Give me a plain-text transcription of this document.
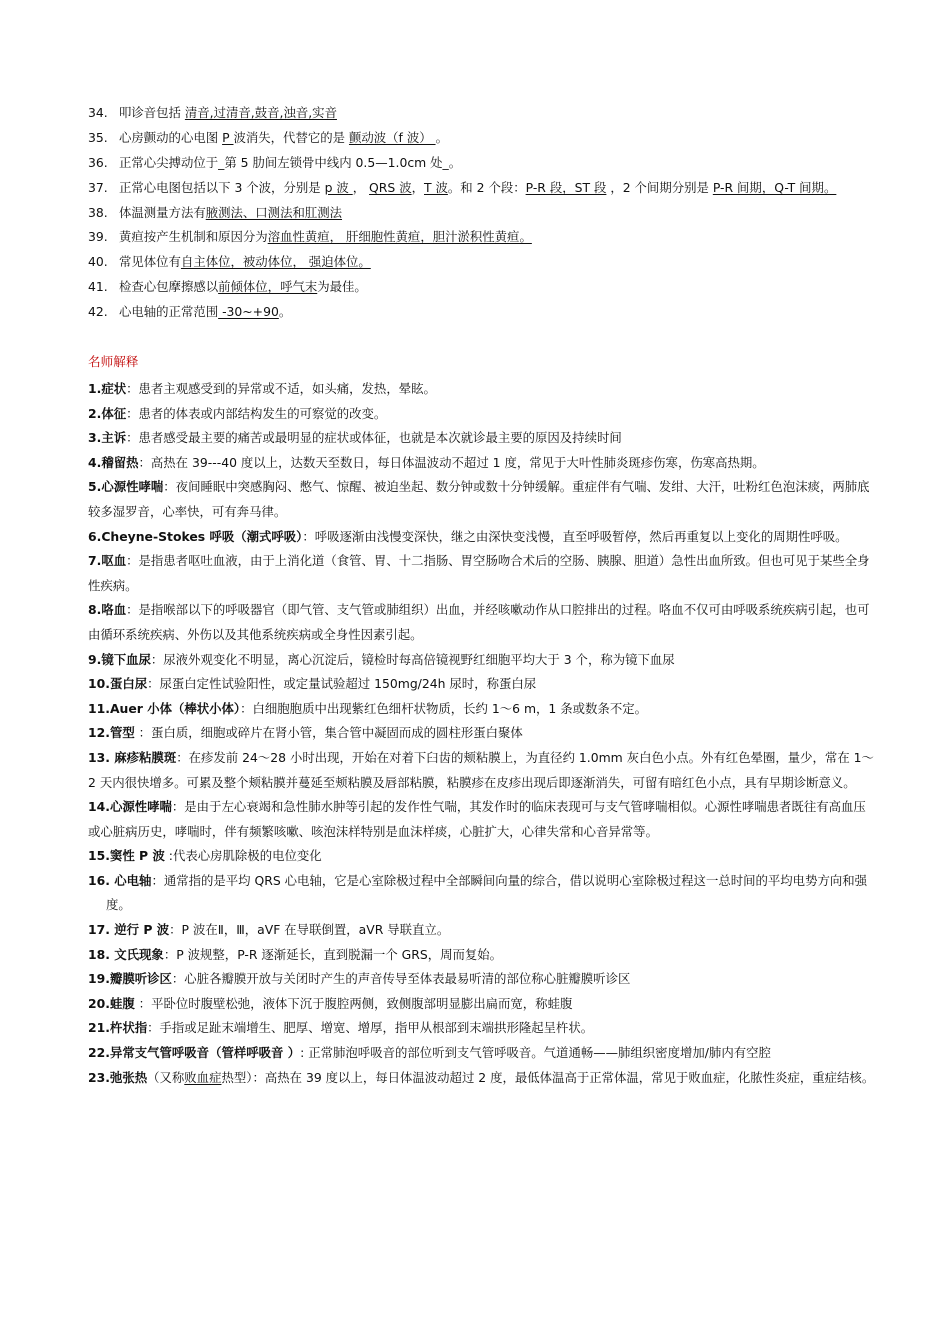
34. 叩诊音包括 清音,过清音,鼓音,浊音,实音
35. 心房颤动的心电图 P 波消失，代替它的是 颤动波（f 波） 。
36. 正常心尖搏动位于_第 5 肋间左锁骨中线内 0.5—1.0cm 处_。
37. 正常心电图包括以下 3 个波，分别是 p 波 ， QRS 波，T 波。和 2 个段：P-R 段，ST 段 ，2 个间期分别是 P-R 间期，Q-T 间期。
38. 体温测量方法有腋测法、口测法和肛测法
39. 黄疸按产生机制和原因分为溶血性黄疸， 肝细胞性黄疸，胆汁淤积性黄疸。
40. 常见体位有自主体位，被动体位， 强迫体位。
41. 检查心包摩擦感以前倾体位，呼气末为最佳。
42. 心电轴的正常范围 -30~+90。
名师解释
1.症状：患者主观感受到的异常或不适，如头痛，发热，晕眩。
2.体征：患者的体表或内部结构发生的可察觉的改变。
3.主诉：患者感受最主要的痛苦或最明显的症状或体征，也就是本次就诊最主要的原因及持续时间
4.稽留热：高热在 39---40 度以上，达数天至数日，每日体温波动不超过 1 度，常见于大叶性肺炎斑疹伤寒，伤寒高热期。
5.心源性哮喘：夜间睡眠中突感胸闷、憋气、惊醒、被迫坐起、数分钟或数十分钟缓解。重症伴有气喘、发绀、大汗，吐粉红色泡沫痰，两肺底较多湿罗音，心率快，可有奔马律。
6.Cheyne-Stokes 呼吸（潮式呼吸）：呼吸逐渐由浅慢变深快，继之由深快变浅慢，直至呼吸暂停，然后再重复以上变化的周期性呼吸。
7.呕血：是指患者呕吐血液，由于上消化道（食管、胃、十二指肠、胃空肠吻合术后的空肠、胰腺、胆道）急性出血所致。但也可见于某些全身性疾病。
8.咯血：是指喉部以下的呼吸器官（即气管、支气管或肺组织）出血，并经咳嗽动作从口腔排出的过程。咯血不仅可由呼吸系统疾病引起，也可由循环系统疾病、外伤以及其他系统疾病或全身性因素引起。
9.镜下血尿：尿液外观变化不明显，离心沉淀后，镜检时每高倍镜视野红细胞平均大于 3 个，称为镜下血尿
10.蛋白尿：尿蛋白定性试验阳性，或定量试验超过 150mg/24h 尿时，称蛋白尿
11.Auer 小体（棒状小体）：白细胞胞质中出现紫红色细杆状物质，长约 1～6 m，1 条或数条不定。
12.管型 ：蛋白质，细胞或碎片在肾小管，集合管中凝固而成的圆柱形蛋白聚体
13. 麻疹粘膜斑：在疹发前 24～28 小时出现，开始在对着下臼齿的颊粘膜上，为直径约 1.0mm 灰白色小点。外有红色晕圈，量少，常在 1～2 天内很快增多。可累及整个颊粘膜并蔓延至颊粘膜及唇部粘膜，粘膜疹在皮疹出现后即逐渐消失，可留有暗红色小点，具有早期诊断意义。
14.心源性哮喘：是由于左心衰竭和急性肺水肿等引起的发作性气喘，其发作时的临床表现可与支气管哮喘相似。心源性哮喘患者既往有高血压或心脏病历史，哮喘时，伴有频繁咳嗽、咳泡沫样特别是血沫样痰，心脏扩大，心律失常和心音异常等。
15.窦性 P 波 :代表心房肌除极的电位变化
16. 心电轴：通常指的是平均 QRS 心电轴，它是心室除极过程中全部瞬间向量的综合，借以说明心室除极过程这一总时间的平均电势方向和强度。
17. 逆行 P 波：P 波在Ⅱ，Ⅲ，aVF 在导联倒置，aVR 导联直立。
18. 文氏现象：P 波规整，P-R 逐渐延长，直到脱漏一个 GRS，周而复始。
19.瓣膜听诊区：心脏各瓣膜开放与关闭时产生的声音传导至体表最易听清的部位称心脏瓣膜听诊区
20.蛙腹 ：平卧位时腹壁松弛，液体下沉于腹腔两侧，致侧腹部明显膨出扁而宽，称蛙腹
21.杵状指：手指或足趾末端增生、肥厚、增宽、增厚，指甲从根部到末端拱形隆起呈杵状。
22.异常支气管呼吸音（管样呼吸音 ）: 正常肺泡呼吸音的部位听到支气管呼吸音。气道通畅——肺组织密度增加/肺内有空腔
23.弛张热（又称败血症热型）：高热在 39 度以上，每日体温波动超过 2 度，最低体温高于正常体温，常见于败血症，化脓性炎症，重症结核。
